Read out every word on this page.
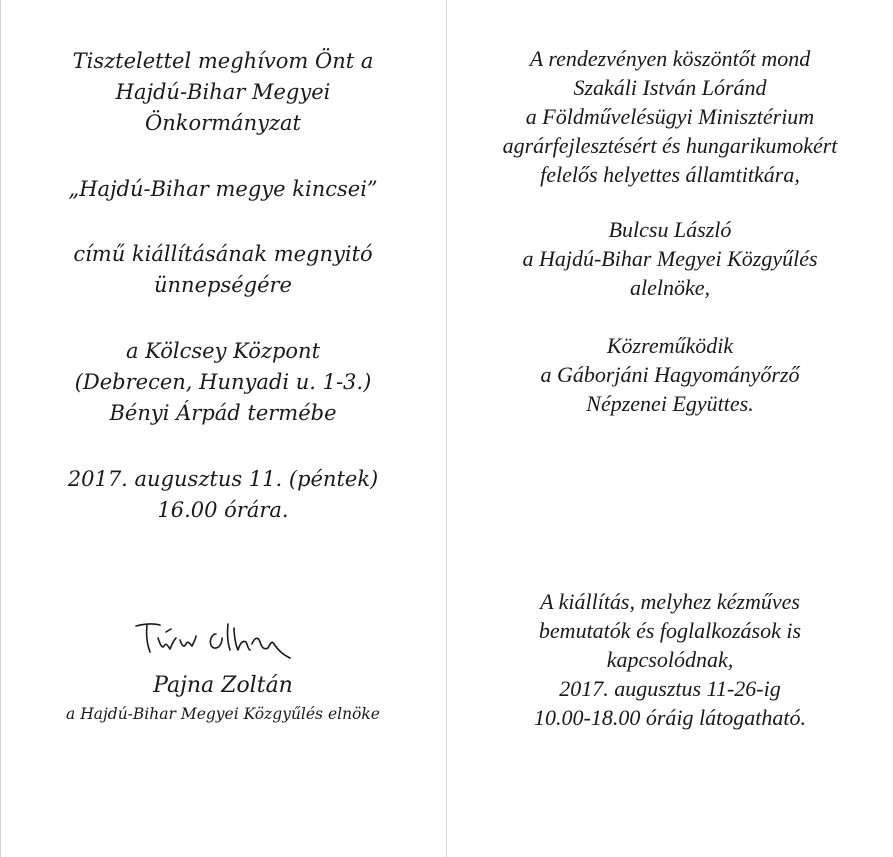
Tisztelettel meghívom Önt a
Hajdú-Bihar Megyei
Önkormányzat
„Hajdú-Bihar megye kincsei”
című kiállításának megnyitó
ünnepségére
a Kölcsey Központ
(Debrecen, Hunyadi u. 1-3.)
Bényi Árpád termébe
2017. augusztus 11. (péntek)
16.00 órára.
Pajna Zoltán
a Hajdú-Bihar Megyei Közgyűlés elnöke
A rendezvényen köszöntőt mond
Szakáli István Lóránd
a Földművelésügyi Minisztérium
agrárfejlesztésért és hungarikumokért
felelős helyettes államtitkára,
Bulcsu László
a Hajdú-Bihar Megyei Közgyűlés
alelnöke,
Közreműködik
a Gáborjáni Hagyományőrző
Népzenei Együttes.
A kiállítás, melyhez kézműves
bemutatók és foglalkozások is
kapcsolódnak,
2017. augusztus 11-26-ig
10.00-18.00 óráig látogatható.
